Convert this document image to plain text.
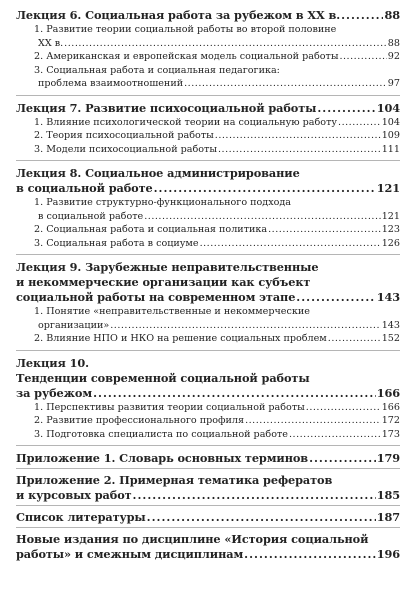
Лекция 6. Социальная работа за рубежом в XX в. .....	88
1. Развитие теории социальной работы во второй половине
XX в. .....	88
2. Американская и европейская модель социальной работы .....	92
3. Социальная работа и социальная педагогика:
проблема взаимоотношений .....	97
Лекция 7. Развитие психосоциальной работы .....	104
1. Влияние психологической теории на социальную работу .....	104
2. Теория психосоциальной работы .....	109
3. Модели психосоциальной работы .....	111
Лекция 8. Социальное администрирование
в социальной работе .....	121
1. Развитие структурно-функционального подхода
в социальной работе .....	121
2. Социальная работа и социальная политика .....	123
3. Социальная работа в социуме .....	126
Лекция 9. Зарубежные неправительственные
и некоммерческие организации как субъект
социальной работы на современном этапе .....	143
1. Понятие «неправительственные и некоммерческие
организации» .....	143
2. Влияние НПО и НКО на решение социальных проблем .....	152
Лекция 10.
Тенденции современной социальной работы
за рубежом .....	166
1. Перспективы развития теории социальной работы .....	166
2. Развитие профессионального профиля .....	172
3. Подготовка специалиста по социальной работе .....	173
Приложение 1. Словарь основных терминов .....	179
Приложение 2. Примерная тематика рефератов
и курсовых работ .....	185
Список литературы .....	187
Новые издания по дисциплине «История социальной
работы» и смежным дисциплинам .....	196
